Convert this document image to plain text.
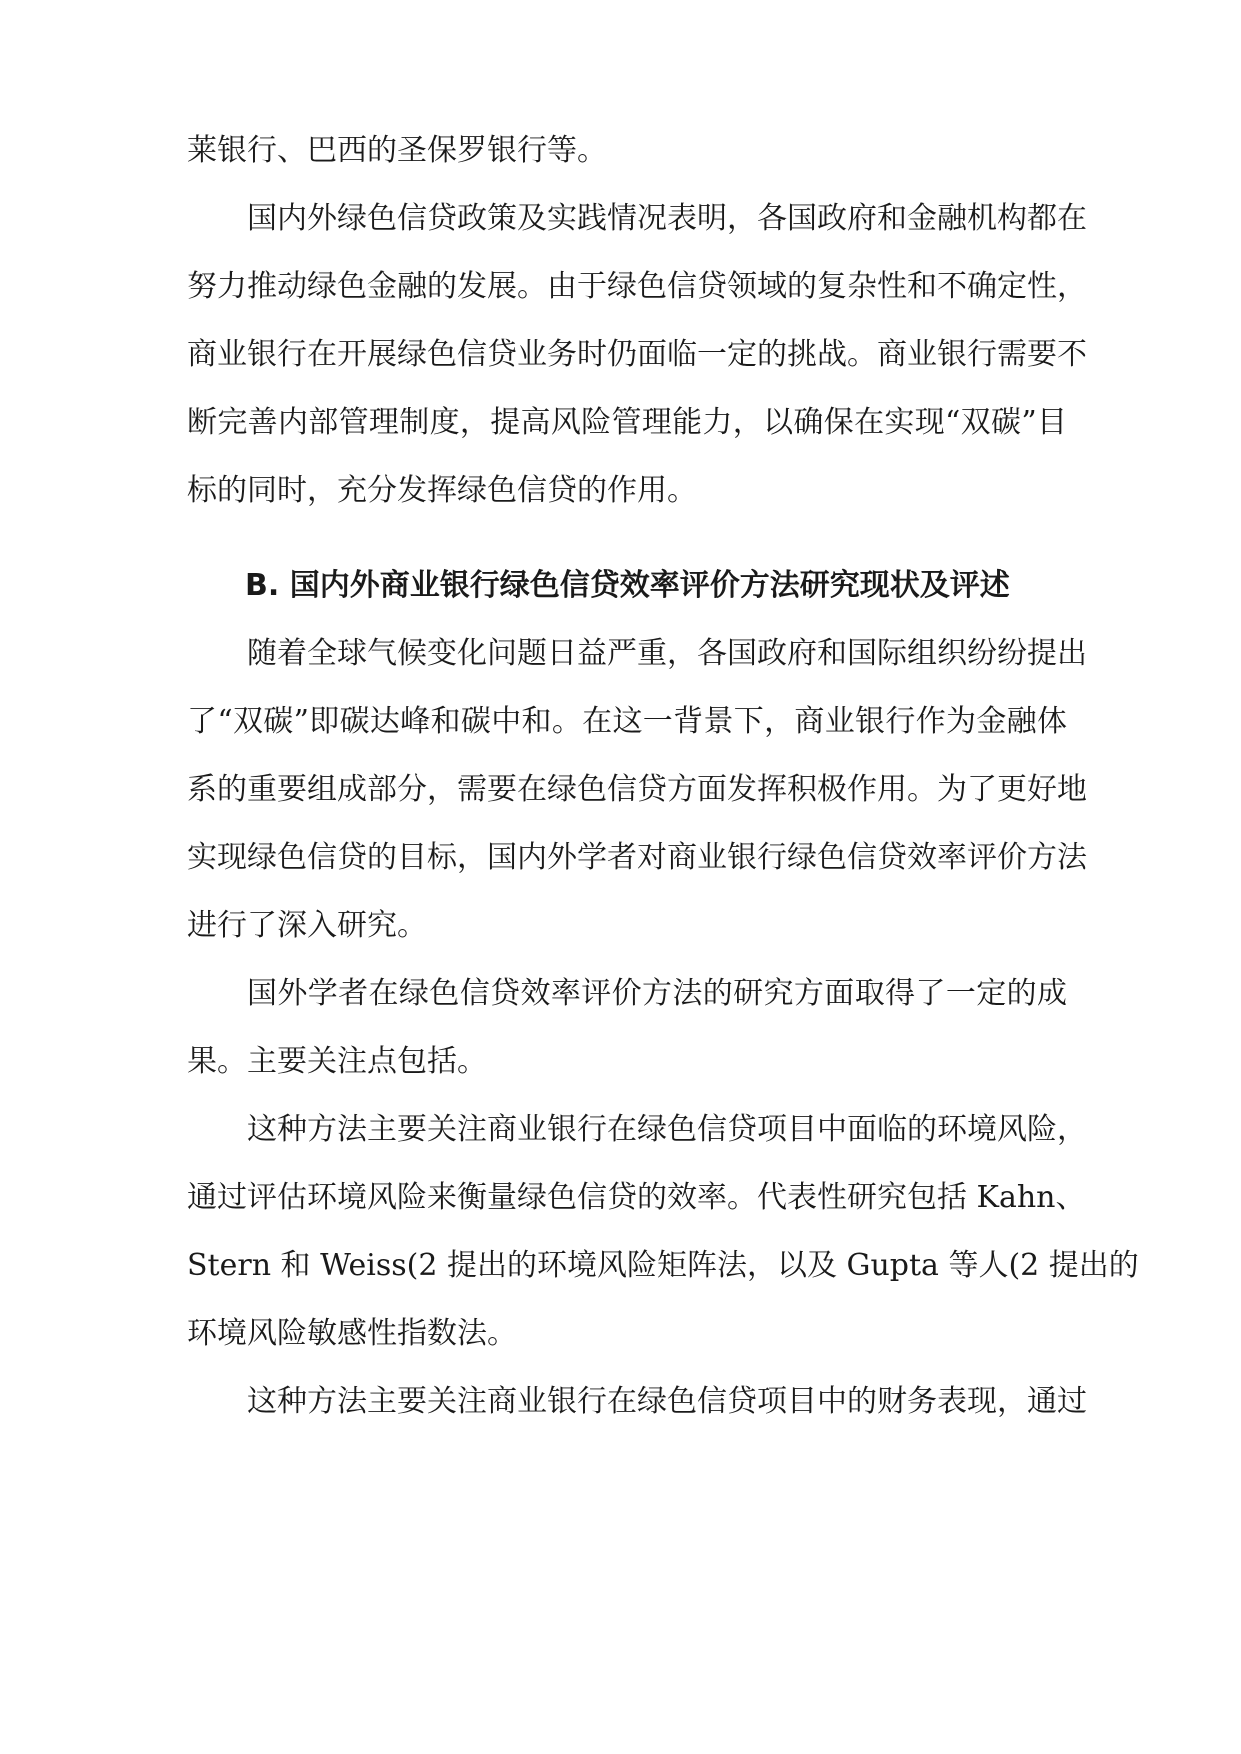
莱银行、巴西的圣保罗银行等。
国内外绿色信贷政策及实践情况表明，各国政府和金融机构都在
努力推动绿色金融的发展。由于绿色信贷领域的复杂性和不确定性，
商业银行在开展绿色信贷业务时仍面临一定的挑战。商业银行需要不
断完善内部管理制度，提高风险管理能力，以确保在实现“双碳”目
标的同时，充分发挥绿色信贷的作用。
B. 国内外商业银行绿色信贷效率评价方法研究现状及评述
随着全球气候变化问题日益严重，各国政府和国际组织纷纷提出
了“双碳”即碳达峰和碳中和。在这一背景下，商业银行作为金融体
系的重要组成部分，需要在绿色信贷方面发挥积极作用。为了更好地
实现绿色信贷的目标，国内外学者对商业银行绿色信贷效率评价方法
进行了深入研究。
国外学者在绿色信贷效率评价方法的研究方面取得了一定的成
果。主要关注点包括。
这种方法主要关注商业银行在绿色信贷项目中面临的环境风险，
通过评估环境风险来衡量绿色信贷的效率。代表性研究包括 Kahn、
Stern 和 Weiss(2 提出的环境风险矩阵法，以及 Gupta 等人(2 提出的
环境风险敏感性指数法。
这种方法主要关注商业银行在绿色信贷项目中的财务表现，通过
